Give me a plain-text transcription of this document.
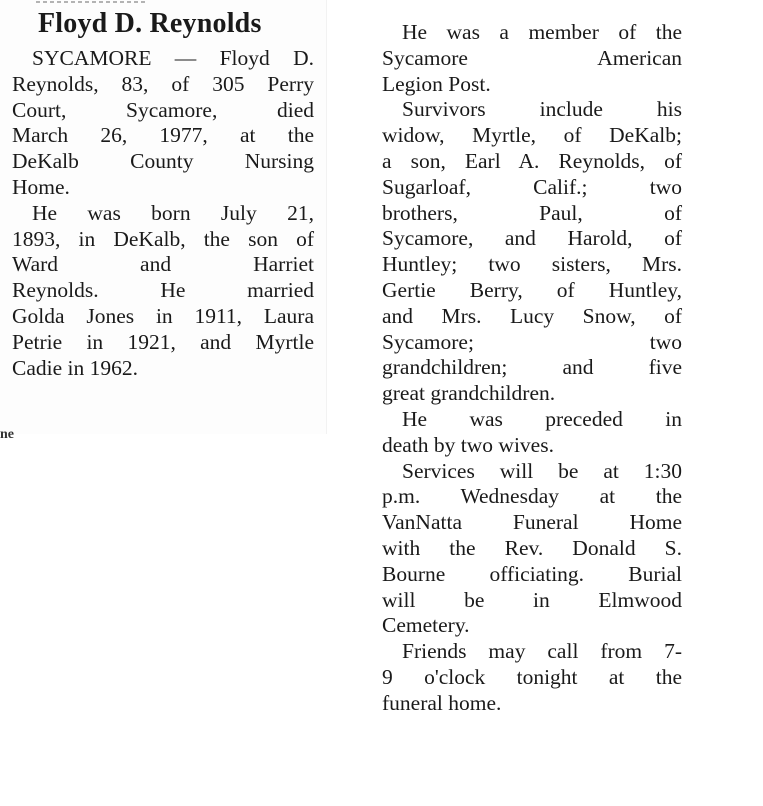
Floyd D. Reynolds
SYCAMORE — Floyd D.
Reynolds, 83, of 305 Perry
Court, Sycamore, died
March 26, 1977, at the
DeKalb County Nursing
Home.
He was born July 21,
1893, in DeKalb, the son of
Ward and Harriet
Reynolds. He married
Golda Jones in 1911, Laura
Petrie in 1921, and Myrtle
Cadie in 1962.
ne
He was a member of the
Sycamore American
Legion Post.
Survivors include his
widow, Myrtle, of DeKalb;
a son, Earl A. Reynolds, of
Sugarloaf, Calif.; two
brothers, Paul, of
Sycamore, and Harold, of
Huntley; two sisters, Mrs.
Gertie Berry, of Huntley,
and Mrs. Lucy Snow, of
Sycamore; two
grandchildren; and five
great grandchildren.
He was preceded in
death by two wives.
Services will be at 1:30
p.m. Wednesday at the
VanNatta Funeral Home
with the Rev. Donald S.
Bourne officiating. Burial
will be in Elmwood
Cemetery.
Friends may call from 7-
9 o'clock tonight at the
funeral home.
